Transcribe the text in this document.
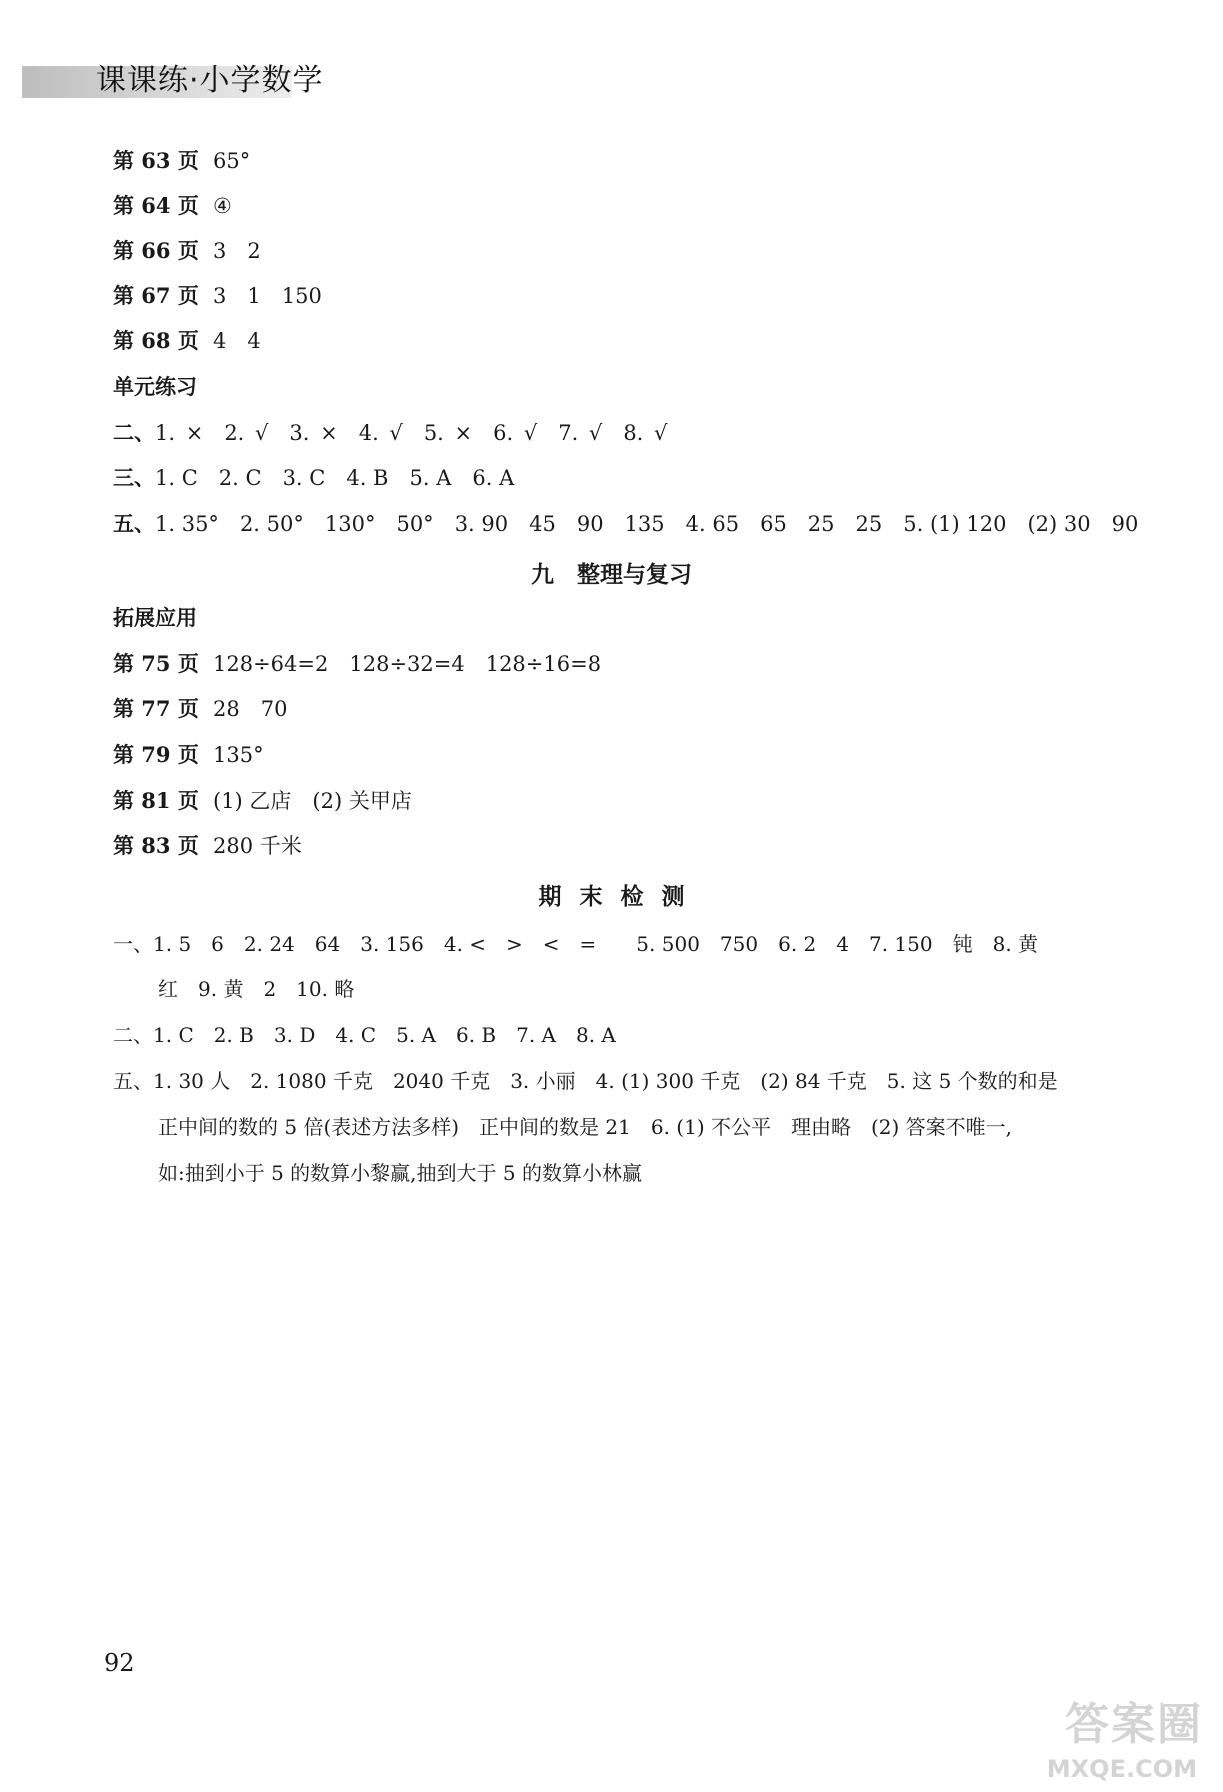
课课练·小学数学
第 63 页 65°
第 64 页 ④
第 66 页 3　2
第 67 页 3　1　150
第 68 页 4　4
单元练习
二、1. ×　 2. √　 3. ×　 4. √　 5. ×　 6. √　 7. √　 8. √
三、1. C　 2. C　 3. C　 4. B　 5. A　 6. A
五、1. 35°　 2. 50°　130°　50°　 3. 90　45　90　135　 4. 65　65　25　25　 5. (1) 120　(2) 30　90
九　整理与复习
拓展应用
第 75 页 128÷64=2　128÷32=4　128÷16=8
第 77 页 28　70
第 79 页 135°
第 81 页 (1) 乙店　(2) 关甲店
第 83 页 280 千米
期 末 检 测
一、1. 5　6　2. 24　64　3. 156　4. <　>　<　=　　5. 500　750　6. 2　4　7. 150　钝　8. 黄
红　9. 黄　2　10. 略
二、1. C　2. B　3. D　4. C　5. A　6. B　7. A　8. A
五、1. 30 人　2. 1080 千克　2040 千克　3. 小丽　4. (1) 300 千克　(2) 84 千克　5. 这 5 个数的和是
正中间的数的 5 倍(表述方法多样)　正中间的数是 21　6. (1) 不公平　理由略　(2) 答案不唯一,
如:抽到小于 5 的数算小黎赢,抽到大于 5 的数算小林赢
92
答案圈
MXQE.COM
